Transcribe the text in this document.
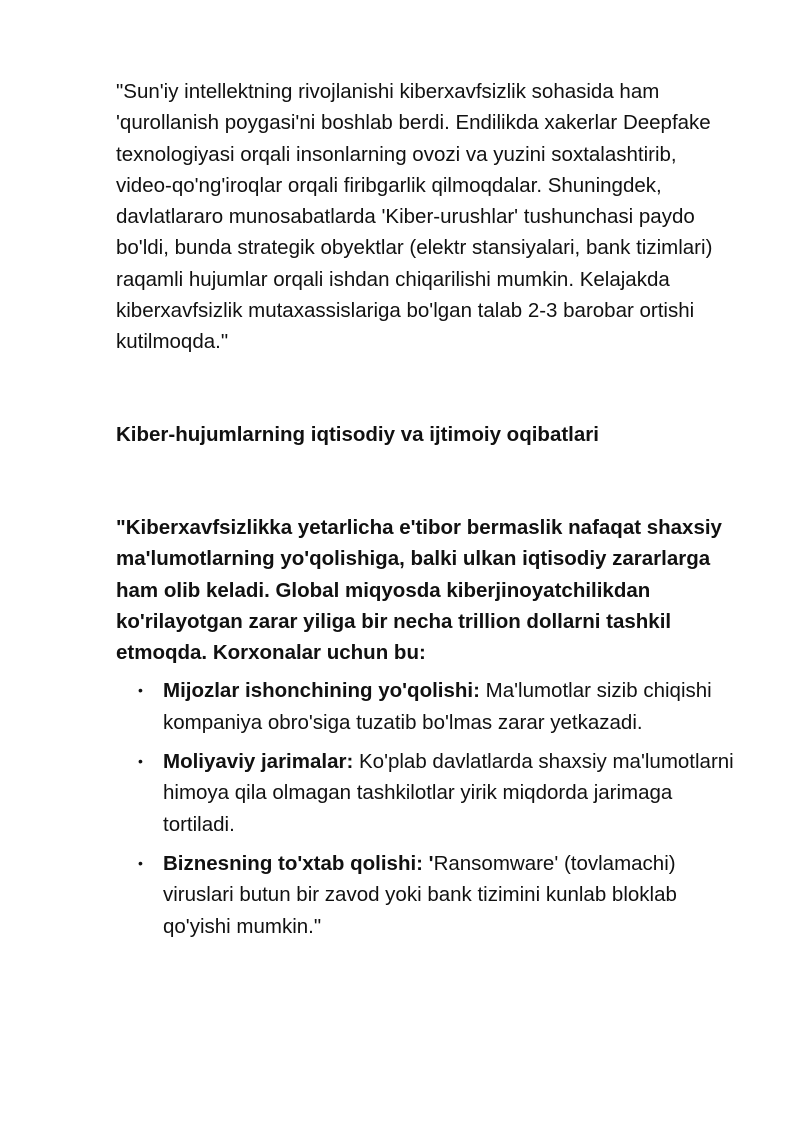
"Sun'iy intellektning rivojlanishi kiberxavfsizlik sohasida ham 'qurollanish poygasi'ni boshlab berdi. Endilikda xakerlar Deepfake texnologiyasi orqali insonlarning ovozi va yuzini soxtalashtirib, video-qo'ng'iroqlar orqali firibgarlik qilmoqdalar. Shuningdek, davlatlararo munosabatlarda 'Kiber-urushlar' tushunchasi paydo bo'ldi, bunda strategik obyektlar (elektr stansiyalari, bank tizimlari) raqamli hujumlar orqali ishdan chiqarilishi mumkin. Kelajakda kiberxavfsizlik mutaxassislariga bo'lgan talab 2-3 barobar ortishi kutilmoqda."

Kiber-hujumlarning iqtisodiy va ijtimoiy oqibatlari

"Kiberxavfsizlikka yetarlicha e'tibor bermaslik nafaqat shaxsiy ma'lumotlarning yo'qolishiga, balki ulkan iqtisodiy zararlarga ham olib keladi. Global miqyosda kiberjinoyatchilikdan ko'rilayotgan zarar yiligа bir necha trillion dollarni tashkil etmoqda. Korxonalar uchun bu:

• Mijozlar ishonchining yo'qolishi: Ma'lumotlar sizib chiqishi kompaniya obro'siga tuzatib bo'lmas zarar yetkazadi.
• Moliyaviy jarimalar: Ko'plab davlatlarda shaxsiy ma'lumotlarni himoya qila olmagan tashkilotlar yirik miqdorda jarimaga tortiladi.
• Biznesning to'xtab qolishi: 'Ransomware' (tovlamachi) viruslari butun bir zavod yoki bank tizimini kunlab bloklab qo'yishi mumkin."
